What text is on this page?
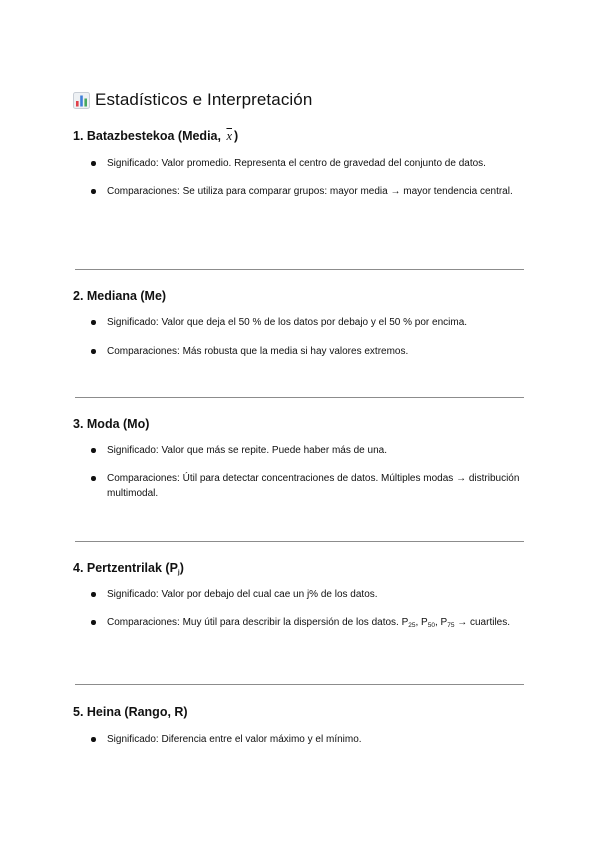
Estadísticos e Interpretación
1. Batazbestekoa (Media, x )
Significado: Valor promedio. Representa el centro de gravedad del conjunto de datos.
Comparaciones: Se utiliza para comparar grupos: mayor media → mayor tendencia central.
2. Mediana (Me)
Significado: Valor que deja el 50 % de los datos por debajo y el 50 % por encima.
Comparaciones: Más robusta que la media si hay valores extremos.
3. Moda (Mo)
Significado: Valor que más se repite. Puede haber más de una.
Comparaciones: Útil para detectar concentraciones de datos. Múltiples modas → distribución multimodal.
4. Pertzentrilak $(P_j)$
Significado: Valor por debajo del cual cae un j% de los datos.
Comparaciones: Muy útil para describir la dispersión de los datos. $P_{25}$, $P_{50}$, $P_{75}$ → cuartiles.
5. Heina (Rango, R)
Significado: Diferencia entre el valor máximo y el mínimo.
